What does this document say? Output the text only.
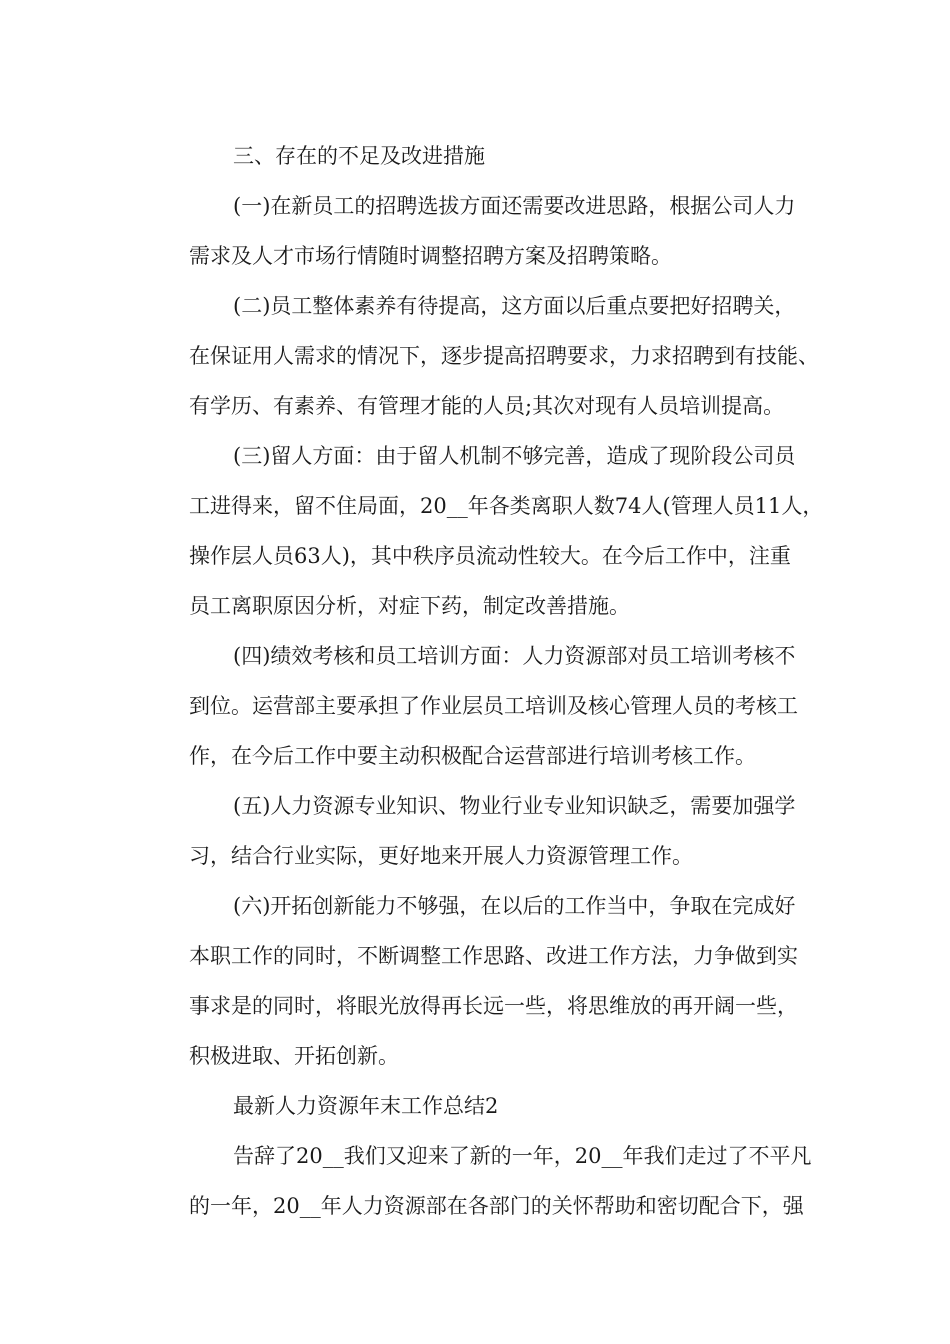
三、存在的不足及改进措施
(一)在新员工的招聘选拔方面还需要改进思路，根据公司人力
需求及人才市场行情随时调整招聘方案及招聘策略。
(二)员工整体素养有待提高，这方面以后重点要把好招聘关，
在保证用人需求的情况下，逐步提高招聘要求，力求招聘到有技能、
有学历、有素养、有管理才能的人员;其次对现有人员培训提高。
(三)留人方面：由于留人机制不够完善，造成了现阶段公司员
工进得来，留不住局面，20__年各类离职人数74人(管理人员11人，
操作层人员63人)，其中秩序员流动性较大。在今后工作中，注重
员工离职原因分析，对症下药，制定改善措施。
(四)绩效考核和员工培训方面：人力资源部对员工培训考核不
到位。运营部主要承担了作业层员工培训及核心管理人员的考核工
作，在今后工作中要主动积极配合运营部进行培训考核工作。
(五)人力资源专业知识、物业行业专业知识缺乏，需要加强学
习，结合行业实际，更好地来开展人力资源管理工作。
(六)开拓创新能力不够强，在以后的工作当中，争取在完成好
本职工作的同时，不断调整工作思路、改进工作方法，力争做到实
事求是的同时，将眼光放得再长远一些，将思维放的再开阔一些，
积极进取、开拓创新。
最新人力资源年末工作总结2
告辞了20__我们又迎来了新的一年，20__年我们走过了不平凡
的一年，20__年人力资源部在各部门的关怀帮助和密切配合下，强
